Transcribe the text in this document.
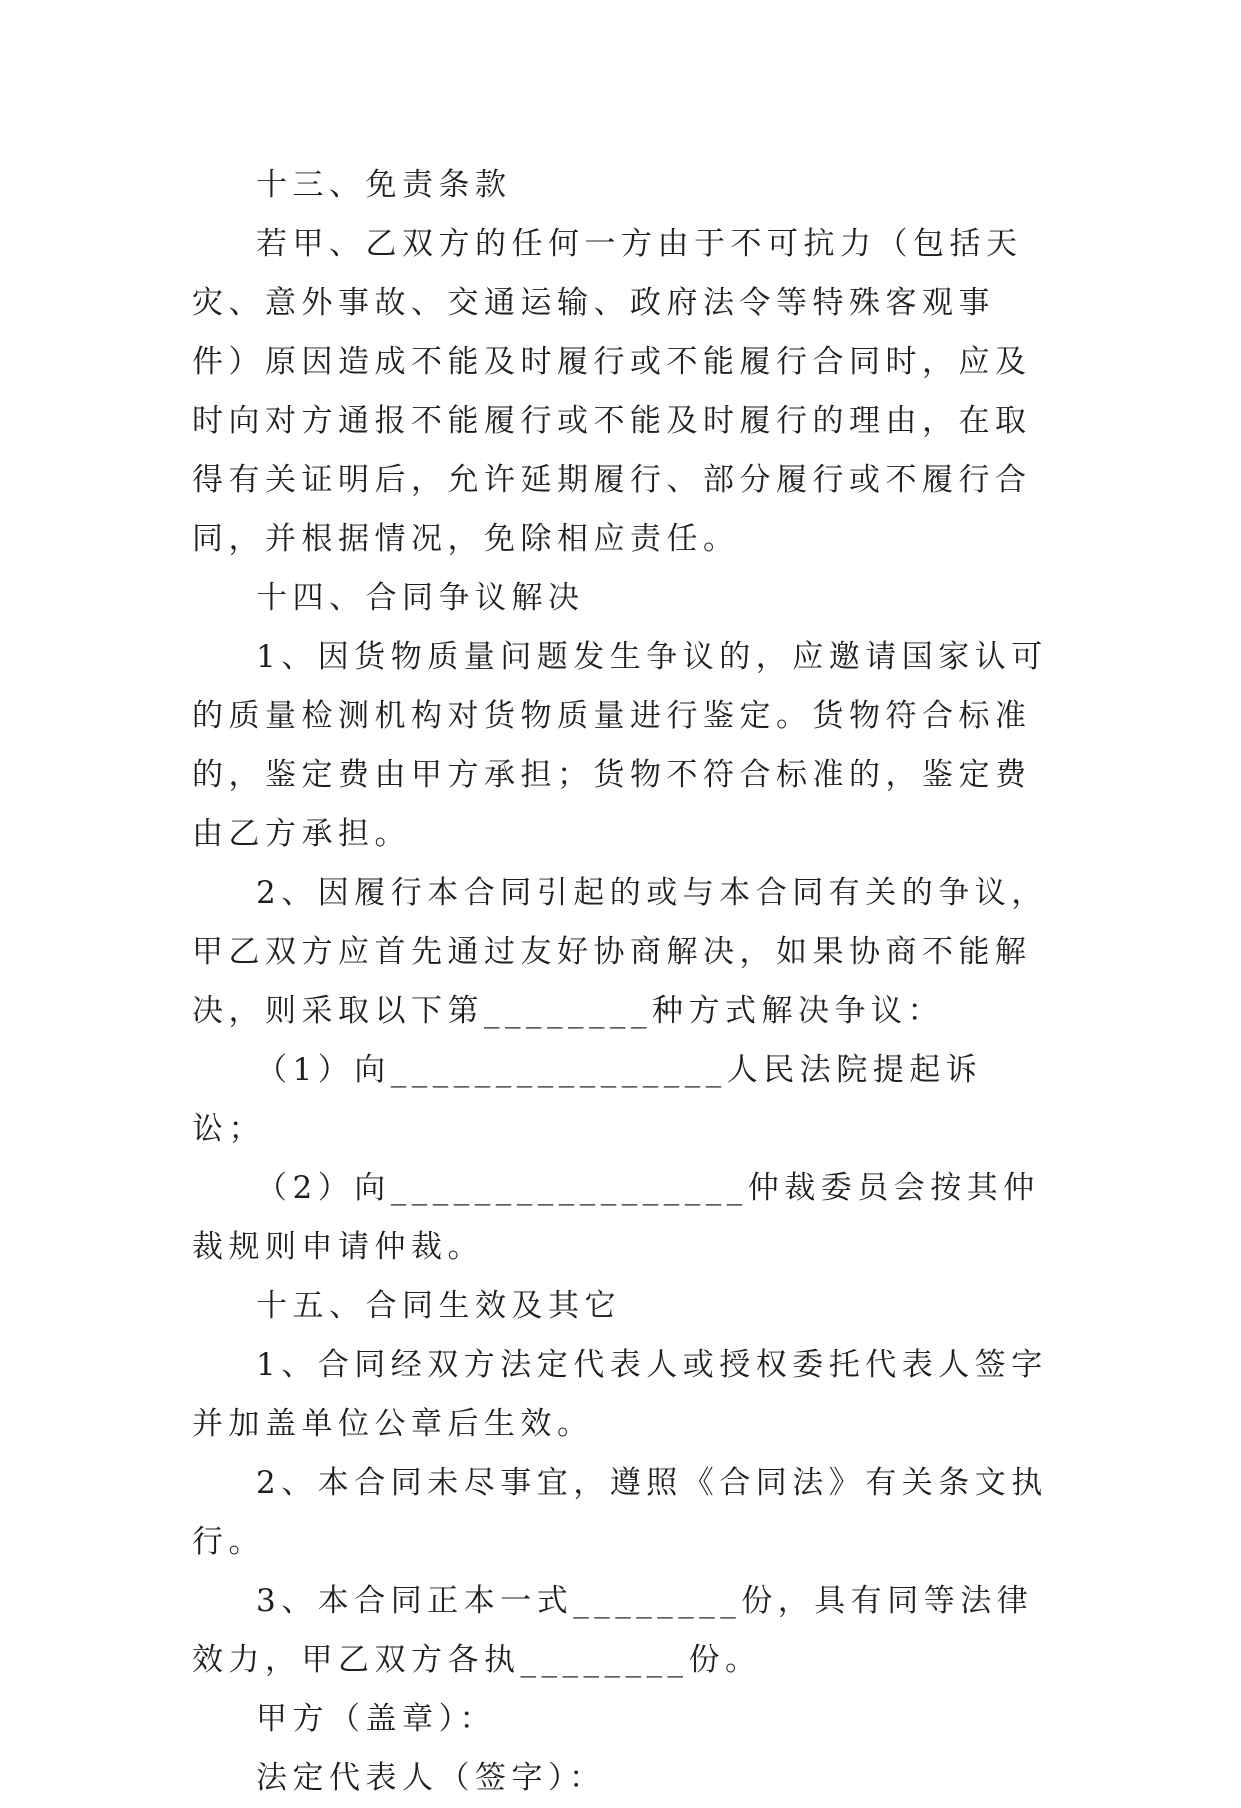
十三、免责条款

若甲、乙双方的任何一方由于不可抗力（包括天灾、意外事故、交通运输、政府法令等特殊客观事件）原因造成不能及时履行或不能履行合同时，应及时向对方通报不能履行或不能及时履行的理由，在取得有关证明后，允许延期履行、部分履行或不履行合同，并根据情况，免除相应责任。

十四、合同争议解决

1、因货物质量问题发生争议的，应邀请国家认可的质量检测机构对货物质量进行鉴定。货物符合标准的，鉴定费由甲方承担；货物不符合标准的，鉴定费由乙方承担。

2、因履行本合同引起的或与本合同有关的争议，甲乙双方应首先通过友好协商解决，如果协商不能解决，则采取以下第________种方式解决争议：

（1）向________________人民法院提起诉讼；

（2）向_________________仲裁委员会按其仲裁规则申请仲裁。

十五、合同生效及其它

1、合同经双方法定代表人或授权委托代表人签字并加盖单位公章后生效。

2、本合同未尽事宜，遵照《合同法》有关条文执行。

3、本合同正本一式________份，具有同等法律效力，甲乙双方各执________份。

甲方（盖章）：

法定代表人（签字）：
